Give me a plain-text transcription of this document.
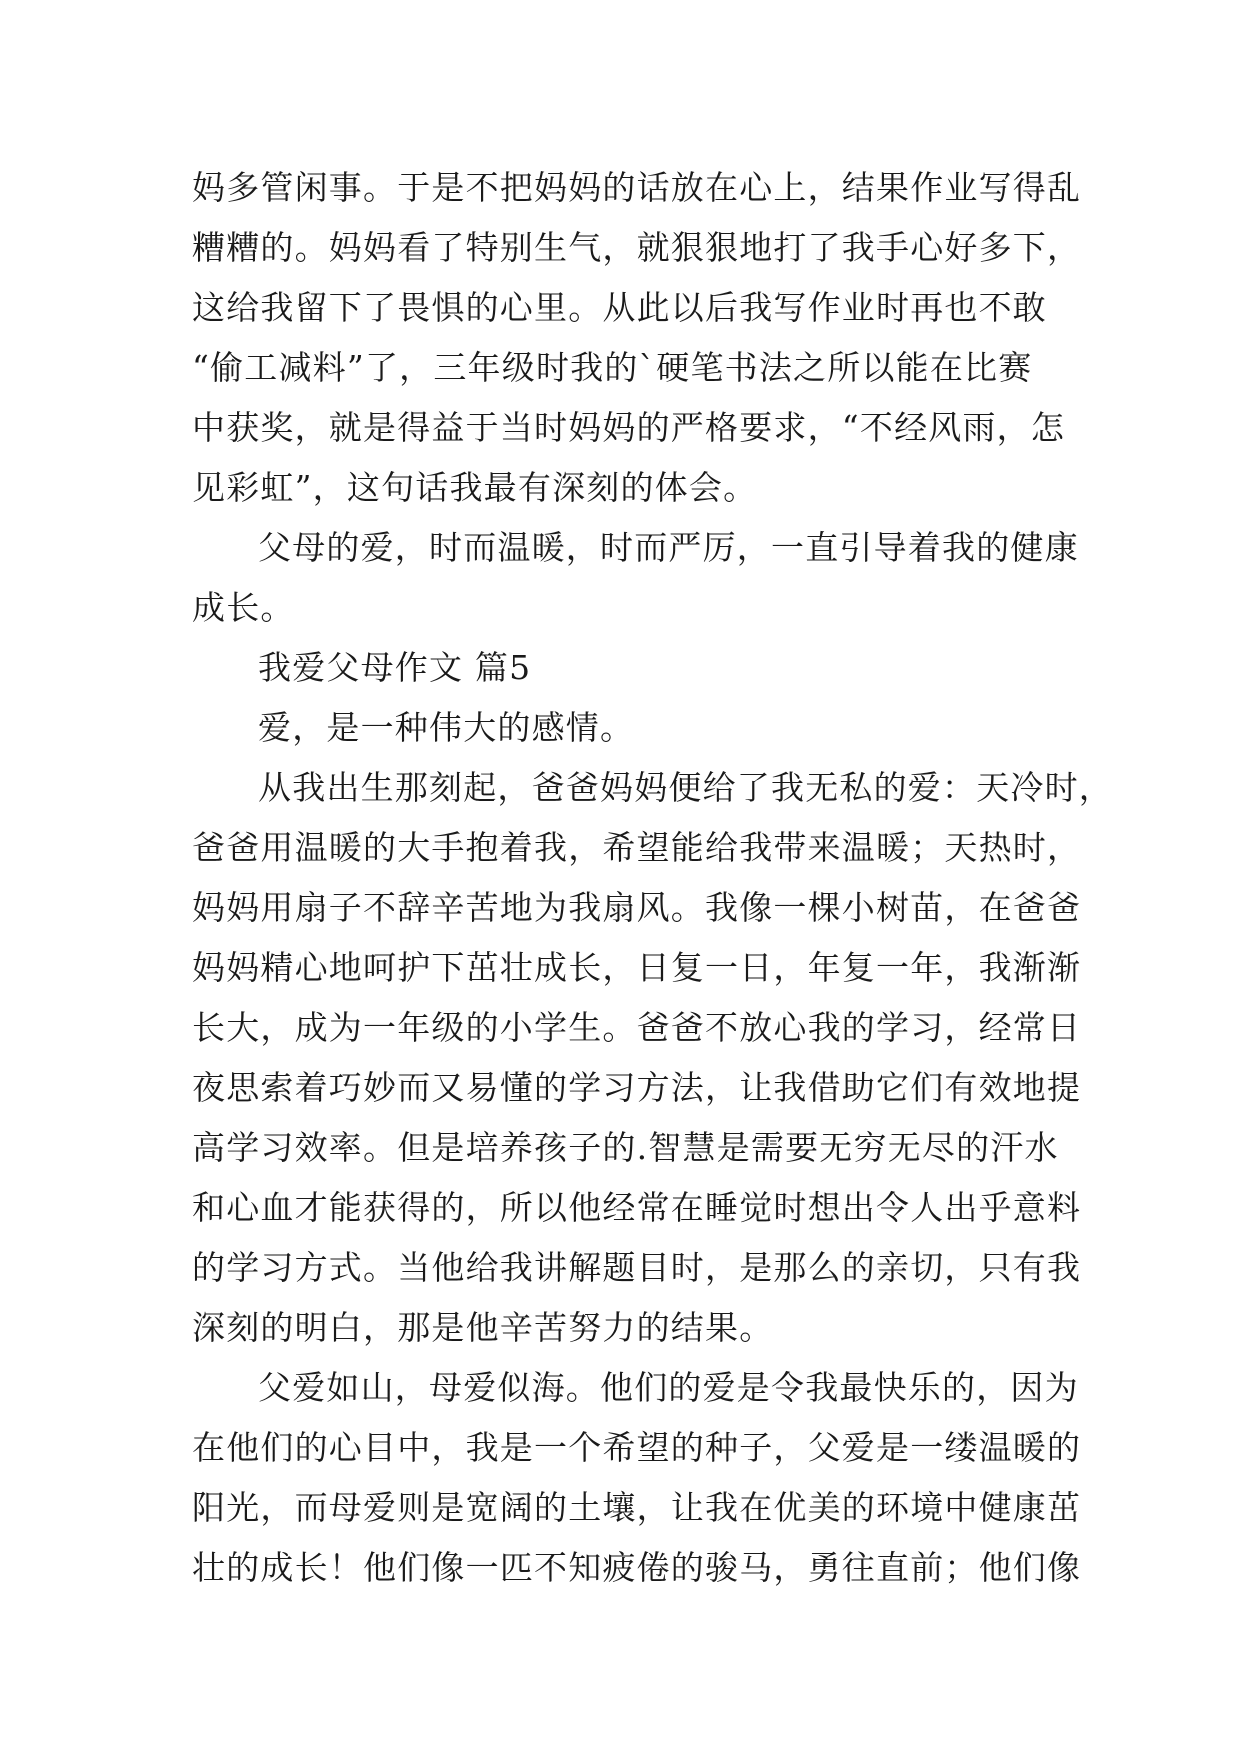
妈多管闲事。于是不把妈妈的话放在心上，结果作业写得乱
糟糟的。妈妈看了特别生气，就狠狠地打了我手心好多下，
这给我留下了畏惧的心里。从此以后我写作业时再也不敢
“偷工减料”了，三年级时我的`硬笔书法之所以能在比赛
中获奖，就是得益于当时妈妈的严格要求，“不经风雨，怎
见彩虹”，这句话我最有深刻的体会。
父母的爱，时而温暖，时而严厉，一直引导着我的健康
成长。
我爱父母作文 篇5
爱，是一种伟大的感情。
从我出生那刻起，爸爸妈妈便给了我无私的爱：天冷时，
爸爸用温暖的大手抱着我，希望能给我带来温暖；天热时，
妈妈用扇子不辞辛苦地为我扇风。我像一棵小树苗，在爸爸
妈妈精心地呵护下茁壮成长，日复一日，年复一年，我渐渐
长大，成为一年级的小学生。爸爸不放心我的学习，经常日
夜思索着巧妙而又易懂的学习方法，让我借助它们有效地提
高学习效率。但是培养孩子的.智慧是需要无穷无尽的汗水
和心血才能获得的，所以他经常在睡觉时想出令人出乎意料
的学习方式。当他给我讲解题目时，是那么的亲切，只有我
深刻的明白，那是他辛苦努力的结果。
父爱如山，母爱似海。他们的爱是令我最快乐的，因为
在他们的心目中，我是一个希望的种子，父爱是一缕温暖的
阳光，而母爱则是宽阔的土壤，让我在优美的环境中健康茁
壮的成长！他们像一匹不知疲倦的骏马，勇往直前；他们像
